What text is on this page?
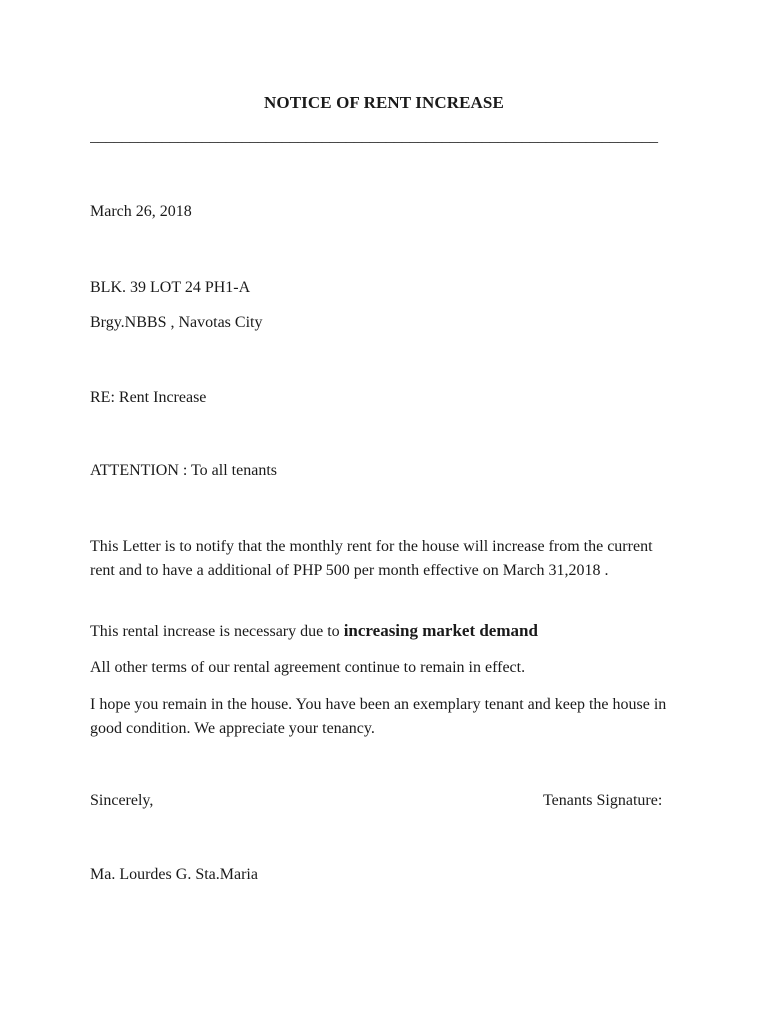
NOTICE OF RENT INCREASE
_______________________________________________________________________
March 26, 2018
BLK. 39 LOT 24 PH1-A
Brgy.NBBS , Navotas City
RE: Rent Increase
ATTENTION : To all tenants
This Letter is to notify that the monthly rent for the house will increase from the current rent and to have a additional of PHP 500 per month effective on March 31,2018 .
This rental increase is necessary due to increasing market demand
All other terms of our rental agreement continue to remain in effect.
I hope you remain in the house. You have been an exemplary tenant and keep the house in good condition. We appreciate your tenancy.
Sincerely,	Tenants Signature:
Ma. Lourdes G. Sta.Maria
